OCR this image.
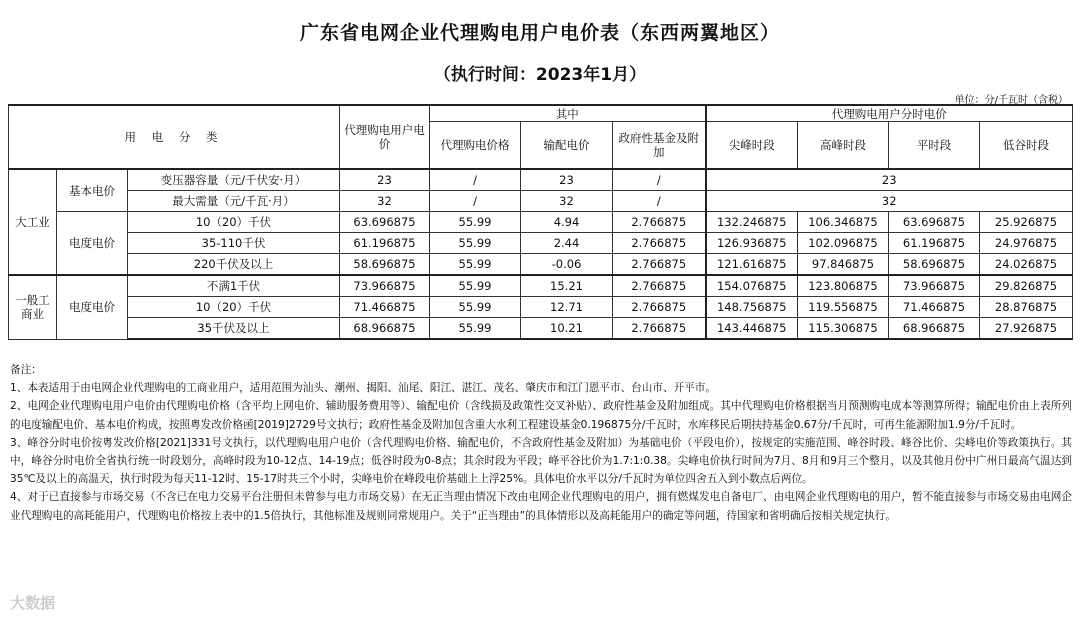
广东省电网企业代理购电用户电价表（东西两翼地区）
（执行时间：2023年1月）
单位：分/千瓦时（含税）
用 电 分 类			代理购电用户电价	其中			代理购电用户分时电价			
				代理购电价格	输配电价	政府性基金及附加	尖峰时段	高峰时段	平时段	低谷时段
大工业	基本电价	变压器容量（元/千伏安·月）	23	/	23	/	23			
		最大需量（元/千瓦·月）	32	/	32	/	32			
	电度电价	10（20）千伏	63.696875	55.99	4.94	2.766875	132.246875	106.346875	63.696875	25.926875
		35-110千伏	61.196875	55.99	2.44	2.766875	126.936875	102.096875	61.196875	24.976875
		220千伏及以上	58.696875	55.99	-0.06	2.766875	121.616875	97.846875	58.696875	24.026875
一般工商业	电度电价	不满1千伏	73.966875	55.99	15.21	2.766875	154.076875	123.806875	73.966875	29.826875
		10（20）千伏	71.466875	55.99	12.71	2.766875	148.756875	119.556875	71.466875	28.876875
		35千伏及以上	68.966875	55.99	10.21	2.766875	143.446875	115.306875	68.966875	27.926875

备注：

1、本表适用于由电网企业代理购电的工商业用户，适用范围为汕头、潮州、揭阳、汕尾、阳江、湛江、茂名、肇庆市和江门恩平市、台山市、开平市。

2、电网企业代理购电用户电价由代理购电价格（含平均上网电价、辅助服务费用等）、输配电价（含线损及政策性交叉补贴）、政府性基金及附加组成。其中代理购电价格根据当月预测购电成本等测算所得；输配电价由上表所列的电度输配电价、基本电价构成，按照粤发改价格函[2019]2729号文执行；政府性基金及附加包含重大水利工程建设基金0.196875分/千瓦时，水库移民后期扶持基金0.67分/千瓦时，可再生能源附加1.9分/千瓦时。

3、峰谷分时电价按粤发改价格[2021]331号文执行，以代理购电用户电价（含代理购电价格、输配电价，不含政府性基金及附加）为基础电价（平段电价），按规定的实施范围、峰谷时段、峰谷比价、尖峰电价等政策执行。其中，峰谷分时电价全省执行统一时段划分，高峰时段为10-12点、14-19点；低谷时段为0-8点；其余时段为平段；峰平谷比价为1.7:1:0.38。尖峰电价执行时间为7月、8月和9月三个整月，以及其他月份中广州日最高气温达到35℃及以上的高温天，执行时段为每天11-12时、15-17时共三个小时，尖峰电价在峰段电价基础上上浮25%。具体电价水平以分/千瓦时为单位四舍五入到小数点后两位。

4、对于已直接参与市场交易（不含已在电力交易平台注册但未曾参与电力市场交易）在无正当理由情况下改由电网企业代理购电的用户，拥有燃煤发电自备电厂、由电网企业代理购电的用户，暂不能直接参与市场交易由电网企业代理购电的高耗能用户，代理购电价格按上表中的1.5倍执行，其他标准及规则同常规用户。关于“正当理由”的具体情形以及高耗能用户的确定等问题，待国家和省明确后按相关规定执行。

大数据
